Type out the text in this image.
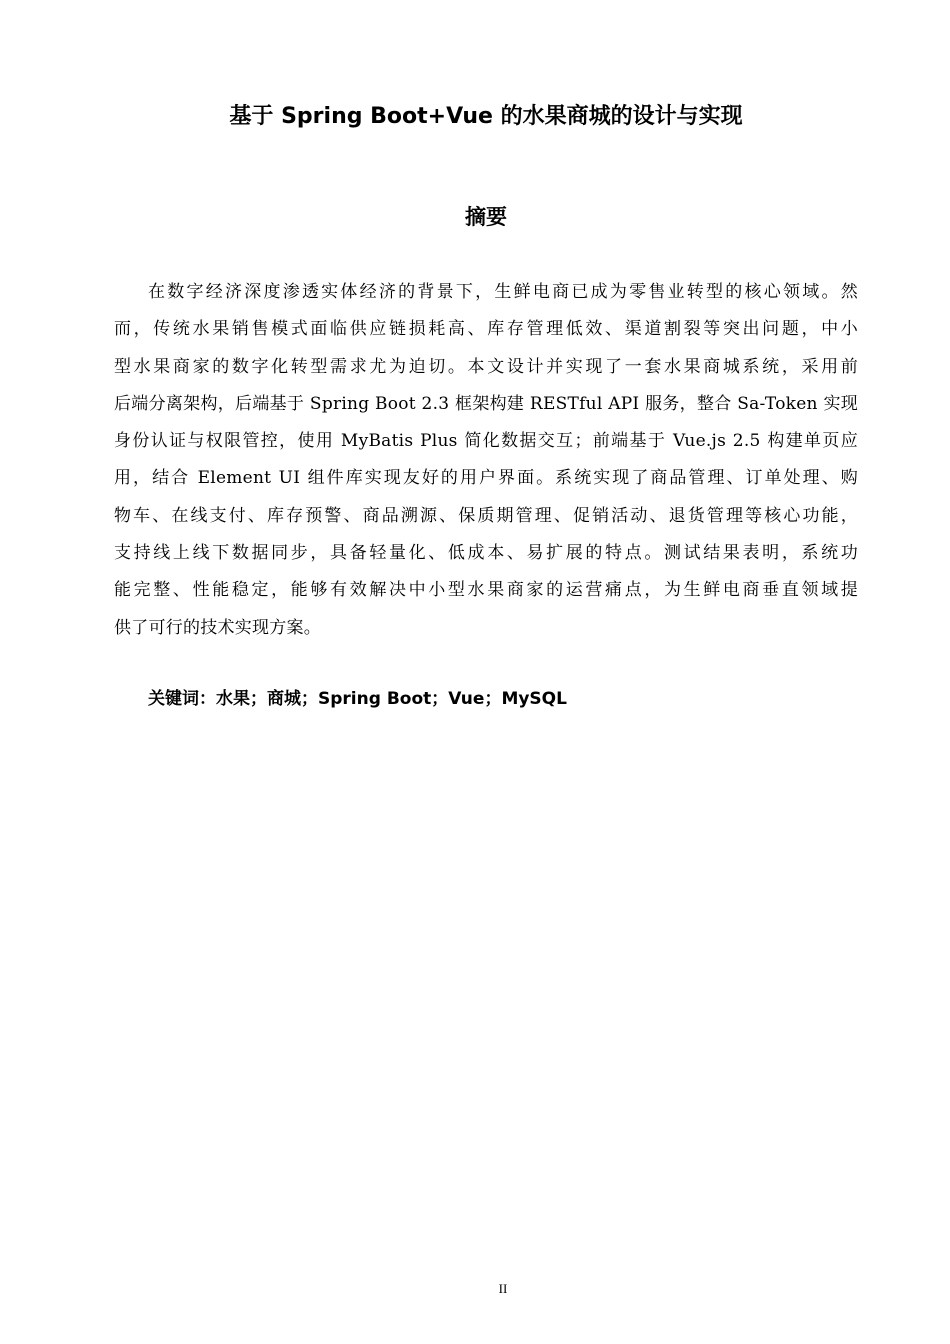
基于 Spring Boot+Vue 的水果商城的设计与实现
摘要
在数字经济深度渗透实体经济的背景下，生鲜电商已成为零售业转型的核心领域。然
而，传统水果销售模式面临供应链损耗高、库存管理低效、渠道割裂等突出问题，中小
型水果商家的数字化转型需求尤为迫切。本文设计并实现了一套水果商城系统，采用前
后端分离架构，后端基于 Spring Boot 2.3 框架构建 RESTful API 服务，整合 Sa-Token 实现
身份认证与权限管控，使用 MyBatis Plus 简化数据交互；前端基于 Vue.js 2.5 构建单页应
用，结合 Element UI 组件库实现友好的用户界面。系统实现了商品管理、订单处理、购
物车、在线支付、库存预警、商品溯源、保质期管理、促销活动、退货管理等核心功能，
支持线上线下数据同步，具备轻量化、低成本、易扩展的特点。测试结果表明，系统功
能完整、性能稳定，能够有效解决中小型水果商家的运营痛点，为生鲜电商垂直领域提
供了可行的技术实现方案。
关键词：水果；商城；Spring Boot；Vue；MySQL
II
